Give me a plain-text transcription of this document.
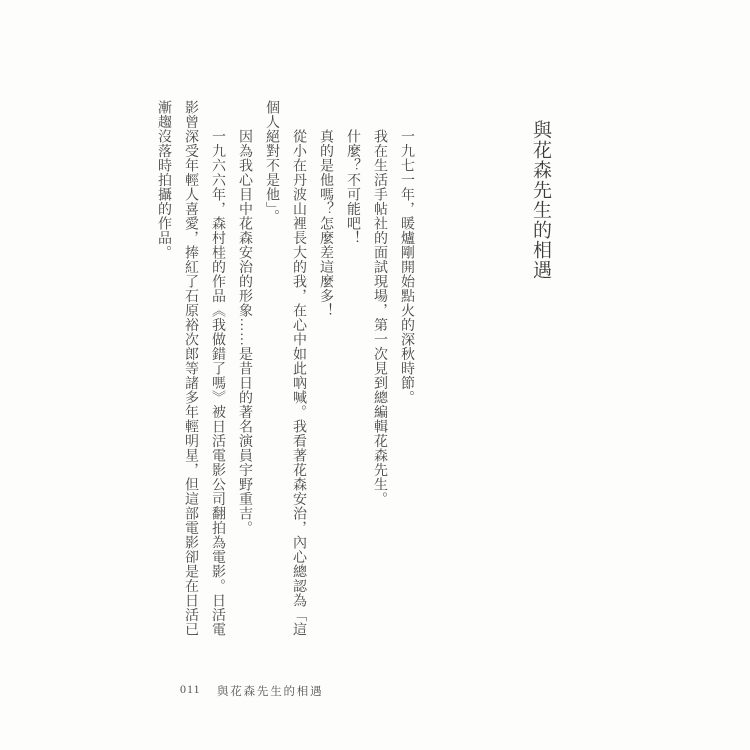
與花森先生的相遇
一九七一年，暖爐剛開始點火的深秋時節。
我在生活手帖社的面試現場，第一次見到總編輯花森先生。
什麼？不可能吧！
真的是他嗎？怎麼差這麼多！
從小在丹波山裡長大的我，在心中如此吶喊。我看著花森安治，內心總認為「這
個人絕對不是他」。
因為我心目中花森安治的形象……是昔日的著名演員宇野重吉。
一九六六年，森村桂的作品《我做錯了嗎》被日活電影公司翻拍為電影。日活電
影曾深受年輕人喜愛，捧紅了石原裕次郎等諸多年輕明星，但這部電影卻是在日活已
漸趨沒落時拍攝的作品。
011 與花森先生的相遇
